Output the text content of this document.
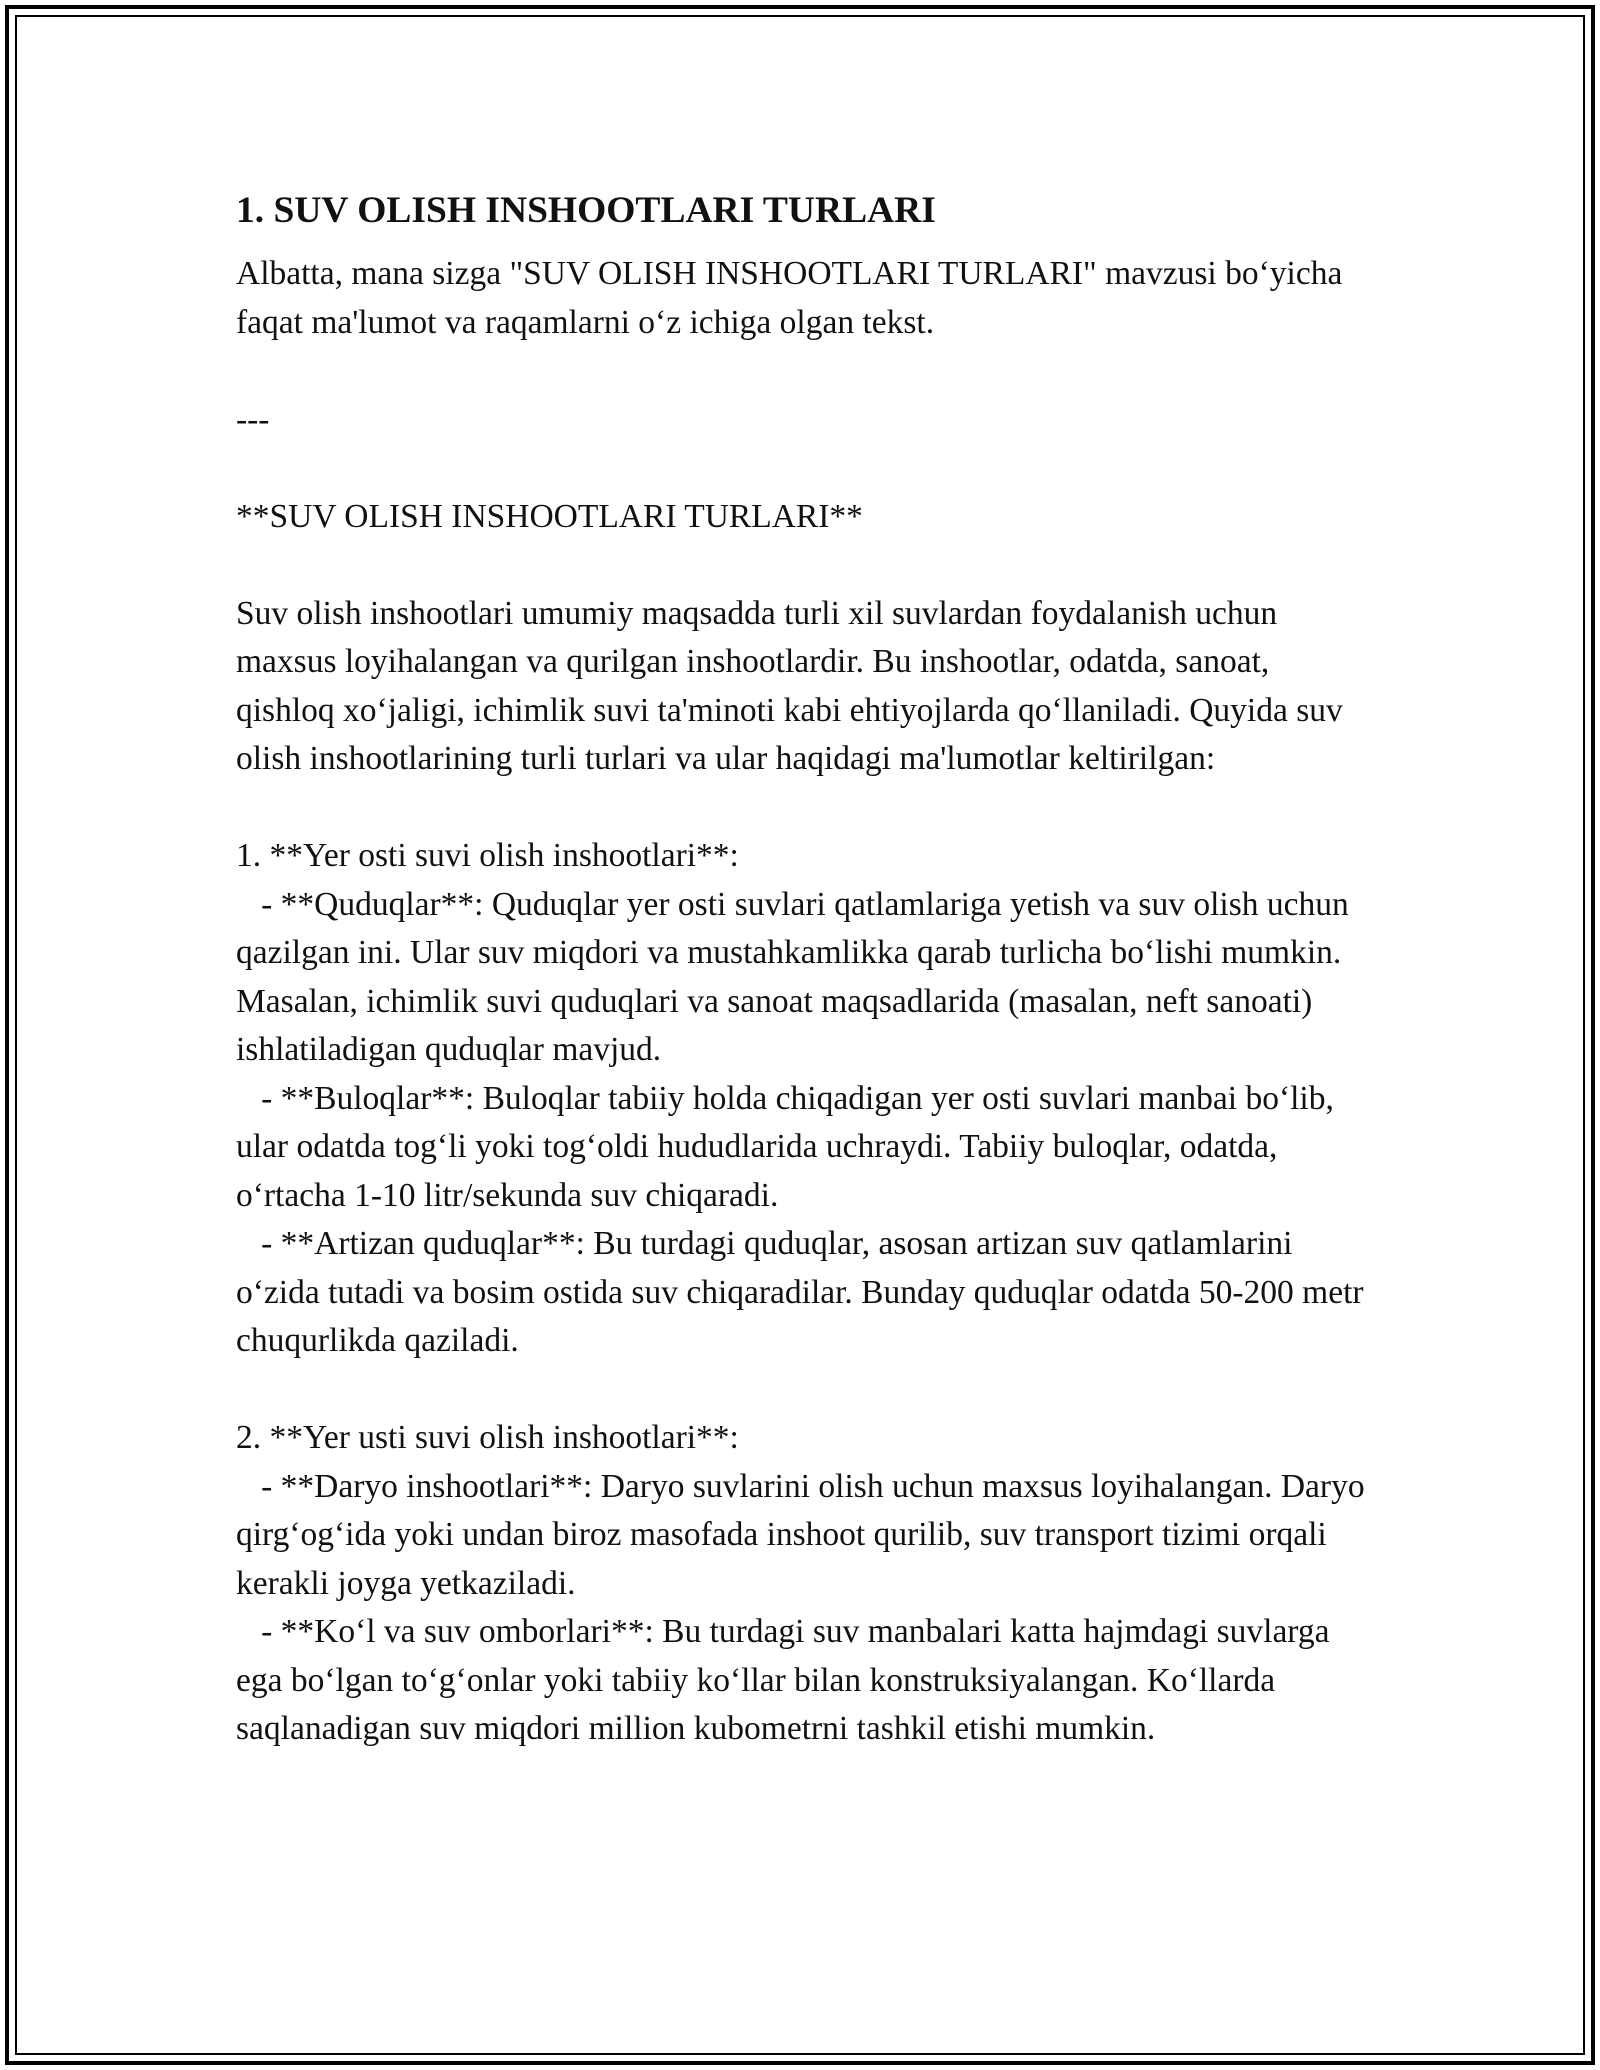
1. SUV OLISH INSHOOTLARI TURLARI

Albatta, mana sizga "SUV OLISH INSHOOTLARI TURLARI" mavzusi bo‘yicha faqat ma'lumot va raqamlarni o‘z ichiga olgan tekst.

---

**SUV OLISH INSHOOTLARI TURLARI**

Suv olish inshootlari umumiy maqsadda turli xil suvlardan foydalanish uchun maxsus loyihalangan va qurilgan inshootlardir. Bu inshootlar, odatda, sanoat, qishloq xo‘jaligi, ichimlik suvi ta'minoti kabi ehtiyojlarda qo‘llaniladi. Quyida suv olish inshootlarining turli turlari va ular haqidagi ma'lumotlar keltirilgan:

1. **Yer osti suvi olish inshootlari**:

- **Quduqlar**: Quduqlar yer osti suvlari qatlamlariga yetish va suv olish uchun qazilgan ini. Ular suv miqdori va mustahkamlikka qarab turlicha bo‘lishi mumkin. Masalan, ichimlik suvi quduqlari va sanoat maqsadlarida (masalan, neft sanoati) ishlatiladigan quduqlar mavjud.

- **Buloqlar**: Buloqlar tabiiy holda chiqadigan yer osti suvlari manbai bo‘lib, ular odatda tog‘li yoki tog‘oldi hududlarida uchraydi. Tabiiy buloqlar, odatda, o‘rtacha 1-10 litr/sekunda suv chiqaradi.

- **Artizan quduqlar**: Bu turdagi quduqlar, asosan artizan suv qatlamlarini o‘zida tutadi va bosim ostida suv chiqaradilar. Bunday quduqlar odatda 50-200 metr chuqurlikda qaziladi.

2. **Yer usti suvi olish inshootlari**:

- **Daryo inshootlari**: Daryo suvlarini olish uchun maxsus loyihalangan. Daryo qirg‘og‘ida yoki undan biroz masofada inshoot qurilib, suv transport tizimi orqali kerakli joyga yetkaziladi.

- **Ko‘l va suv omborlari**: Bu turdagi suv manbalari katta hajmdagi suvlarga ega bo‘lgan to‘g‘onlar yoki tabiiy ko‘llar bilan konstruksiyalangan. Ko‘llarda saqlanadigan suv miqdori million kubometrni tashkil etishi mumkin.
